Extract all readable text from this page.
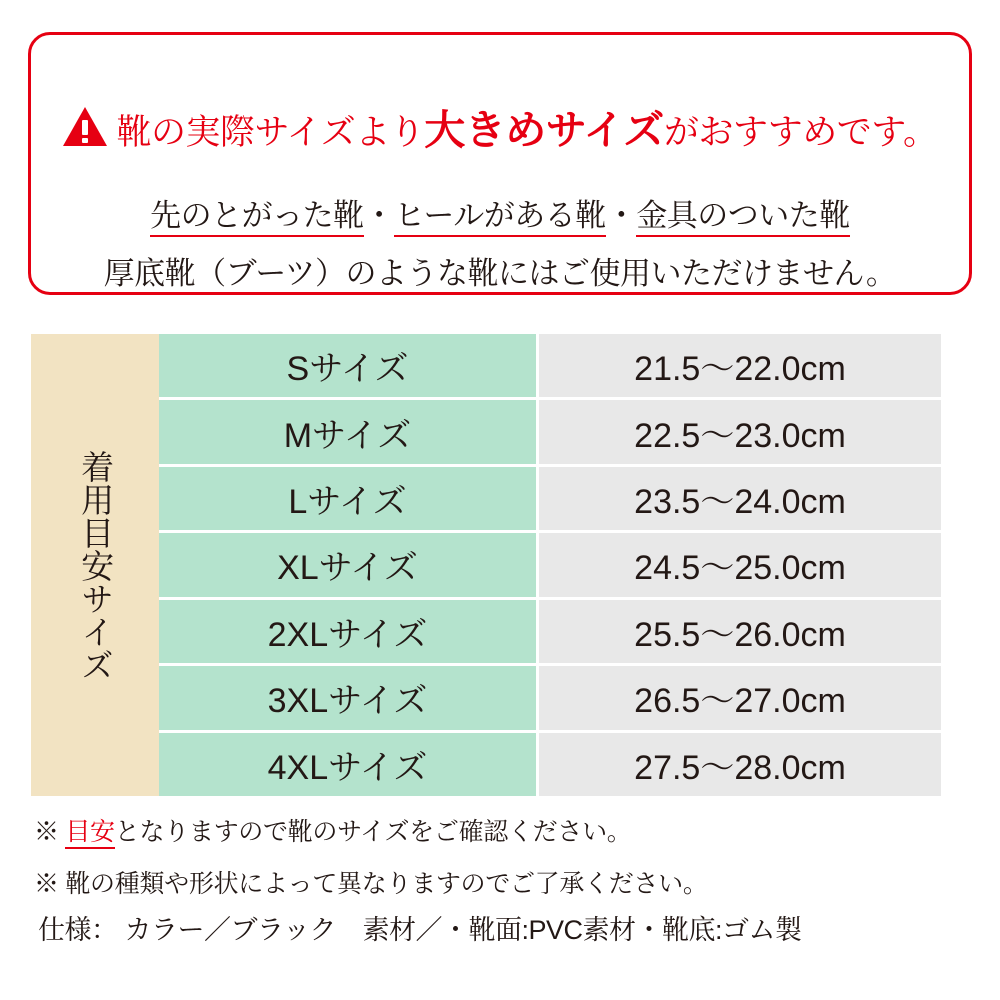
靴の実際サイズより大きめサイズがおすすめです。
先のとがった靴・ヒールがある靴・金具のついた靴
厚底靴（ブーツ）のような靴にはご使用いただけません。
着用目安サイズ
Sサイズ	21.5〜22.0cm
Mサイズ	22.5〜23.0cm
Lサイズ	23.5〜24.0cm
XLサイズ	24.5〜25.0cm
2XLサイズ	25.5〜26.0cm
3XLサイズ	26.5〜27.0cm
4XLサイズ	27.5〜28.0cm
※ 目安となりますので靴のサイズをご確認ください。
※ 靴の種類や形状によって異なりますのでご了承ください。
仕様： カラー／ブラック　素材／・靴面:PVC素材・靴底:ゴム製
